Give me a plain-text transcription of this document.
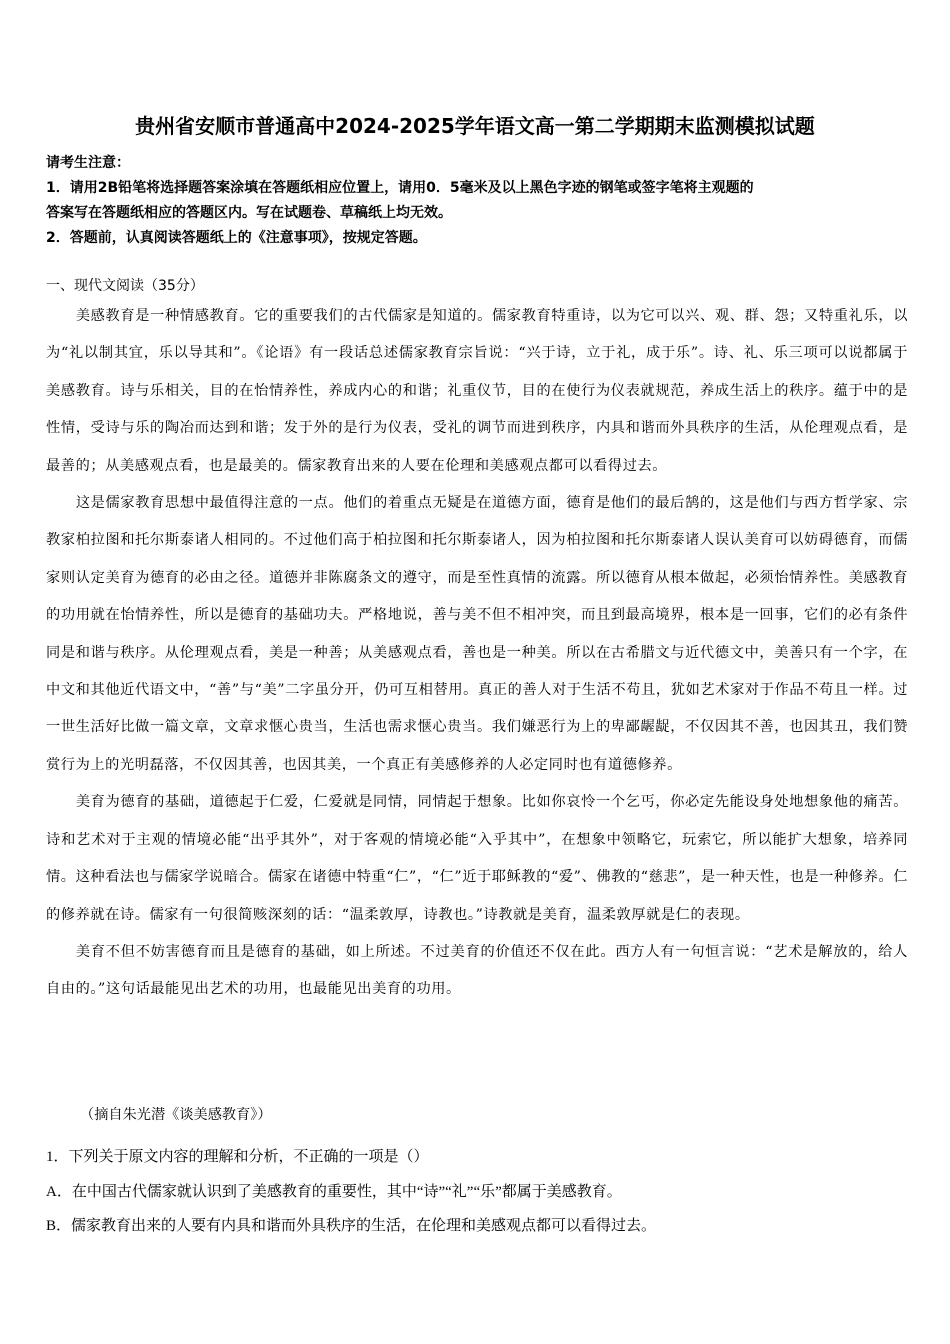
贵州省安顺市普通高中2024-2025学年语文高一第二学期期末监测模拟试题
请考生注意：
1．请用2B铅笔将选择题答案涂填在答题纸相应位置上，请用0．5毫米及以上黑色字迹的钢笔或签字笔将主观题的
答案写在答题纸相应的答题区内。写在试题卷、草稿纸上均无效。
2．答题前，认真阅读答题纸上的《注意事项》，按规定答题。
一、现代文阅读（35分）

美感教育是一种情感教育。它的重要我们的古代儒家是知道的。儒家教育特重诗，以为它可以兴、观、群、怨；又特重礼乐，以为“礼以制其宜，乐以导其和”。《论语》有一段话总述儒家教育宗旨说：“兴于诗，立于礼，成于乐”。诗、礼、乐三项可以说都属于美感教育。诗与乐相关，目的在怡情养性，养成内心的和谐；礼重仪节，目的在使行为仪表就规范，养成生活上的秩序。蕴于中的是性情，受诗与乐的陶冶而达到和谐；发于外的是行为仪表，受礼的调节而进到秩序，内具和谐而外具秩序的生活，从伦理观点看，是最善的；从美感观点看，也是最美的。儒家教育出来的人要在伦理和美感观点都可以看得过去。

这是儒家教育思想中最值得注意的一点。他们的着重点无疑是在道德方面，德育是他们的最后鹄的，这是他们与西方哲学家、宗教家柏拉图和托尔斯泰诸人相同的。不过他们高于柏拉图和托尔斯泰诸人，因为柏拉图和托尔斯泰诸人误认美育可以妨碍德育，而儒家则认定美育为德育的必由之径。道德并非陈腐条文的遵守，而是至性真情的流露。所以德育从根本做起，必须怡情养性。美感教育的功用就在怡情养性，所以是德育的基础功夫。严格地说，善与美不但不相冲突，而且到最高境界，根本是一回事，它们的必有条件同是和谐与秩序。从伦理观点看，美是一种善；从美感观点看，善也是一种美。所以在古希腊文与近代德文中，美善只有一个字，在中文和其他近代语文中，“善”与“美”二字虽分开，仍可互相替用。真正的善人对于生活不苟且，犹如艺术家对于作品不苟且一样。过一世生活好比做一篇文章，文章求惬心贵当，生活也需求惬心贵当。我们嫌恶行为上的卑鄙龌龊，不仅因其不善，也因其丑，我们赞赏行为上的光明磊落，不仅因其善，也因其美，一个真正有美感修养的人必定同时也有道德修养。

美育为德育的基础，道德起于仁爱，仁爱就是同情，同情起于想象。比如你哀怜一个乞丐，你必定先能设身处地想象他的痛苦。诗和艺术对于主观的情境必能“出乎其外”，对于客观的情境必能“入乎其中”，在想象中领略它，玩索它，所以能扩大想象，培养同情。这种看法也与儒家学说暗合。儒家在诸德中特重“仁”，“仁”近于耶稣教的“爱”、佛教的“慈悲”，是一种天性，也是一种修养。仁的修养就在诗。儒家有一句很简赅深刻的话：“温柔敦厚，诗教也。”诗教就是美育，温柔敦厚就是仁的表现。

美育不但不妨害德育而且是德育的基础，如上所述。不过美育的价值还不仅在此。西方人有一句恒言说：“艺术是解放的，给人自由的。”这句话最能见出艺术的功用，也最能见出美育的功用。

（摘自朱光潜《谈美感教育》）
1．下列关于原文内容的理解和分析，不正确的一项是（）
A．在中国古代儒家就认识到了美感教育的重要性，其中“诗”“礼”“乐”都属于美感教育。
B．儒家教育出来的人要有内具和谐而外具秩序的生活，在伦理和美感观点都可以看得过去。
